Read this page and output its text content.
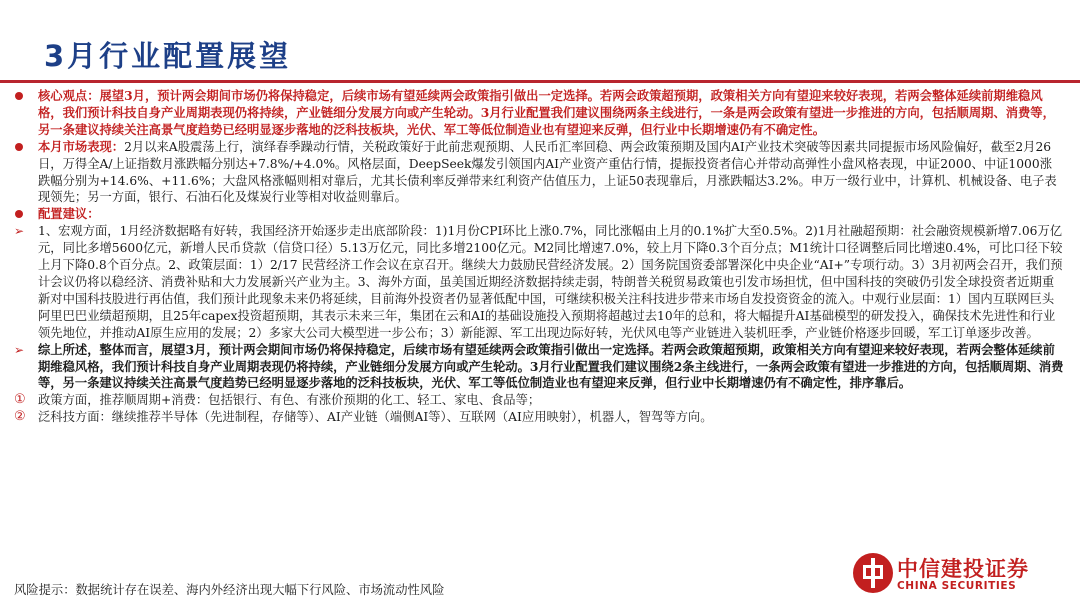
3月行业配置展望

核心观点：展望3月，预计两会期间市场仍将保持稳定，后续市场有望延续两会政策指引做出一定选择。若两会政策超预期，政策相关方向有望迎来较好表现，若两会整体延续前期维稳风格，我们预计科技自身产业周期表现仍将持续，产业链细分发展方向或产生轮动。3月行业配置我们建议围绕两条主线进行，一条是两会政策有望进一步推进的方向，包括顺周期、消费等，另一条建议持续关注高景气度趋势已经明显逐步落地的泛科技板块，光伏、军工等低位制造业也有望迎来反弹，但行业中长期增速仍有不确定性。

本月市场表现：2月以来A股震荡上行，演绎春季躁动行情，关税政策好于此前悲观预期、人民币汇率回稳、两会政策预期及国内AI产业技术突破等因素共同提振市场风险偏好，截至2月26日，万得全A/上证指数月涨跌幅分别达+7.8%/+4.0%。风格层面，DeepSeek爆发引领国内AI产业资产重估行情，提振投资者信心并带动高弹性小盘风格表现，中证2000、中证1000涨跌幅分别为+14.6%、+11.6%；大盘风格涨幅则相对靠后，尤其长债利率反弹带来红利资产估值压力，上证50表现靠后，月涨跌幅达3.2%。申万一级行业中，计算机、机械设备、电子表现领先；另一方面，银行、石油石化及煤炭行业等相对收益则靠后。

配置建议：

➢	1、宏观方面，1月经济数据略有好转，我国经济开始逐步走出底部阶段：1)1月份CPI环比上涨0.7%，同比涨幅由上月的0.1%扩大至0.5%。2)1月社融超预期：社会融资规模新增7.06万亿元，同比多增5600亿元，新增人民币贷款（信贷口径）5.13万亿元，同比多增2100亿元。M2同比增速7.0%，较上月下降0.3个百分点；M1统计口径调整后同比增速0.4%，可比口径下较上月下降0.8个百分点。2、政策层面：1）2/17 民营经济工作会议在京召开。继续大力鼓励民营经济发展。2）国务院国资委部署深化中央企业“AI+”专项行动。3）3月初两会召开，我们预计会议仍将以稳经济、消费补贴和大力发展新兴产业为主。3、海外方面，虽美国近期经济数据持续走弱，特朗普关税贸易政策也引发市场担忧，但中国科技的突破仍引发全球投资者近期重新对中国科技股进行再估值，我们预计此现象未来仍将延续，目前海外投资者仍显著低配中国，可继续积极关注科技进步带来市场自发投资资金的流入。中观行业层面：1）国内互联网巨头阿里巴巴业绩超预期，且25年capex投资超预期，其表示未来三年，集团在云和AI的基础设施投入预期将超越过去10年的总和，将大幅提升AI基础模型的研发投入，确保技术先进性和行业领先地位，并推动AI原生应用的发展；2）多家大公司大模型进一步公布；3）新能源、军工出现边际好转，光伏风电等产业链进入装机旺季，产业链价格逐步回暖，军工订单逐步改善。

➢	综上所述，整体而言，展望3月，预计两会期间市场仍将保持稳定，后续市场有望延续两会政策指引做出一定选择。若两会政策超预期，政策相关方向有望迎来较好表现，若两会整体延续前期维稳风格，我们预计科技自身产业周期表现仍将持续，产业链细分发展方向或产生轮动。3月行业配置我们建议围绕2条主线进行，一条两会政策有望进一步推进的方向，包括顺周期、消费等，另一条建议持续关注高景气度趋势已经明显逐步落地的泛科技板块，光伏、军工等低位制造业也有望迎来反弹，但行业中长期增速仍有不确定性，排序靠后。

①	政策方面，推荐顺周期+消费：包括银行、有色、有涨价预期的化工、轻工、家电、食品等；

②	泛科技方面：继续推荐半导体（先进制程，存储等）、AI产业链（端侧AI等）、互联网（AI应用映射），机器人，智驾等方向。

风险提示：数据统计存在误差、海内外经济出现大幅下行风险、市场流动性风险
中信建投证券
CHINA SECURITIES
